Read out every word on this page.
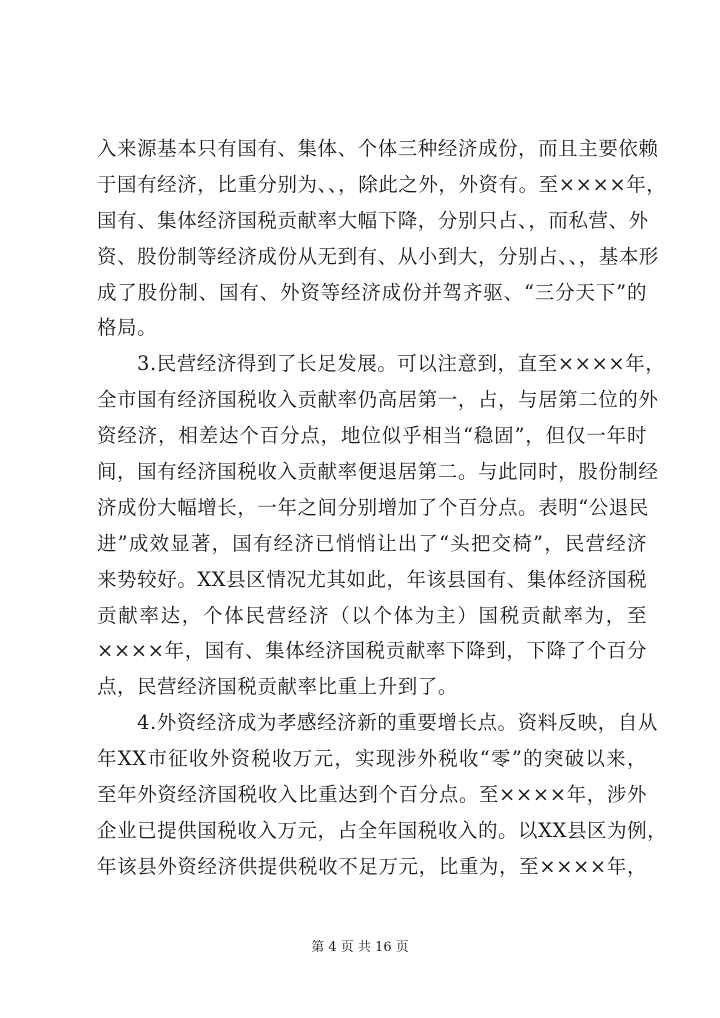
入来源基本只有国有、集体、个体三种经济成份，而且主要依赖
于国有经济，比重分别为、、，除此之外，外资有。至××××年，
国有、集体经济国税贡献率大幅下降，分别只占、，而私营、外
资、股份制等经济成份从无到有、从小到大，分别占、、，基本形
成了股份制、国有、外资等经济成份并驾齐驱、“三分天下”的
格局。
3.民营经济得到了长足发展。可以注意到，直至××××年，
全市国有经济国税收入贡献率仍高居第一，占，与居第二位的外
资经济，相差达个百分点，地位似乎相当“稳固”，但仅一年时
间，国有经济国税收入贡献率便退居第二。与此同时，股份制经
济成份大幅增长，一年之间分别增加了个百分点。表明“公退民
进”成效显著，国有经济已悄悄让出了“头把交椅”，民营经济
来势较好。XX县区情况尤其如此，年该县国有、集体经济国税
贡献率达，个体民营经济（以个体为主）国税贡献率为，至
××××年，国有、集体经济国税贡献率下降到，下降了个百分
点，民营经济国税贡献率比重上升到了。
4.外资经济成为孝感经济新的重要增长点。资料反映，自从
年XX市征收外资税收万元，实现涉外税收“零”的突破以来，
至年外资经济国税收入比重达到个百分点。至××××年，涉外
企业已提供国税收入万元，占全年国税收入的。以XX县区为例，
年该县外资经济供提供税收不足万元，比重为，至××××年，
第 4 页 共 16 页
